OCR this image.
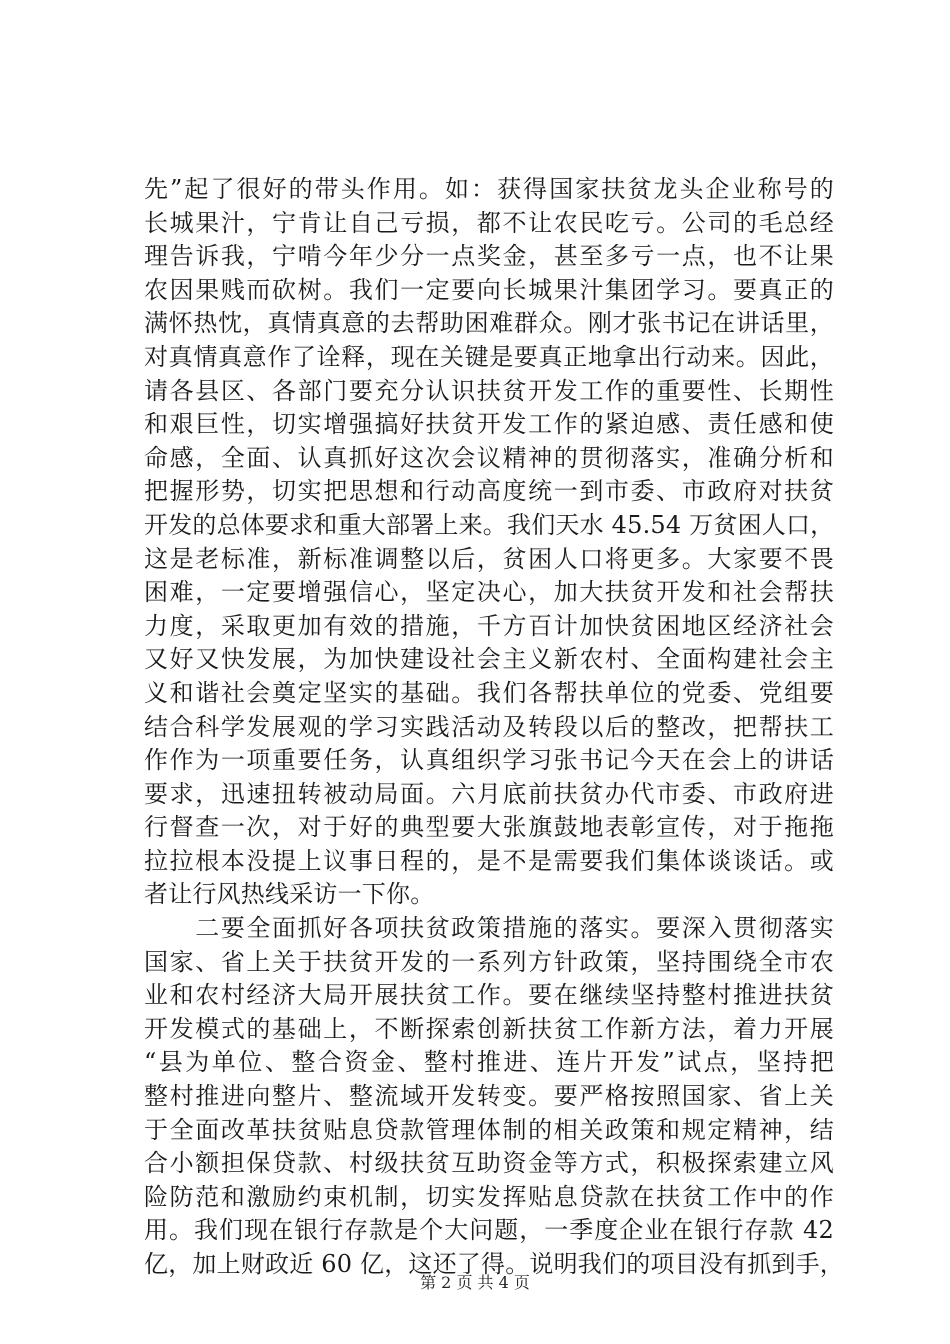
先”起了很好的带头作用。如：获得国家扶贫龙头企业称号的
长城果汁，宁肯让自己亏损，都不让农民吃亏。公司的毛总经
理告诉我，宁啃今年少分一点奖金，甚至多亏一点，也不让果
农因果贱而砍树。我们一定要向长城果汁集团学习。要真正的
满怀热忱，真情真意的去帮助困难群众。刚才张书记在讲话里，
对真情真意作了诠释，现在关键是要真正地拿出行动来。因此，
请各县区、各部门要充分认识扶贫开发工作的重要性、长期性
和艰巨性，切实增强搞好扶贫开发工作的紧迫感、责任感和使
命感，全面、认真抓好这次会议精神的贯彻落实，准确分析和
把握形势，切实把思想和行动高度统一到市委、市政府对扶贫
开发的总体要求和重大部署上来。我们天水 45.54 万贫困人口，
这是老标准，新标准调整以后，贫困人口将更多。大家要不畏
困难，一定要增强信心，坚定决心，加大扶贫开发和社会帮扶
力度，采取更加有效的措施，千方百计加快贫困地区经济社会
又好又快发展，为加快建设社会主义新农村、全面构建社会主
义和谐社会奠定坚实的基础。我们各帮扶单位的党委、党组要
结合科学发展观的学习实践活动及转段以后的整改，把帮扶工
作作为一项重要任务，认真组织学习张书记今天在会上的讲话
要求，迅速扭转被动局面。六月底前扶贫办代市委、市政府进
行督查一次，对于好的典型要大张旗鼓地表彰宣传，对于拖拖
拉拉根本没提上议事日程的，是不是需要我们集体谈谈话。或
者让行风热线采访一下你。
　　二要全面抓好各项扶贫政策措施的落实。要深入贯彻落实
国家、省上关于扶贫开发的一系列方针政策，坚持围绕全市农
业和农村经济大局开展扶贫工作。要在继续坚持整村推进扶贫
开发模式的基础上，不断探索创新扶贫工作新方法，着力开展
“县为单位、整合资金、整村推进、连片开发”试点，坚持把
整村推进向整片、整流域开发转变。要严格按照国家、省上关
于全面改革扶贫贴息贷款管理体制的相关政策和规定精神，结
合小额担保贷款、村级扶贫互助资金等方式，积极探索建立风
险防范和激励约束机制，切实发挥贴息贷款在扶贫工作中的作
用。我们现在银行存款是个大问题，一季度企业在银行存款 42
亿，加上财政近 60 亿，这还了得。说明我们的项目没有抓到手，
第 2 页 共 4 页
